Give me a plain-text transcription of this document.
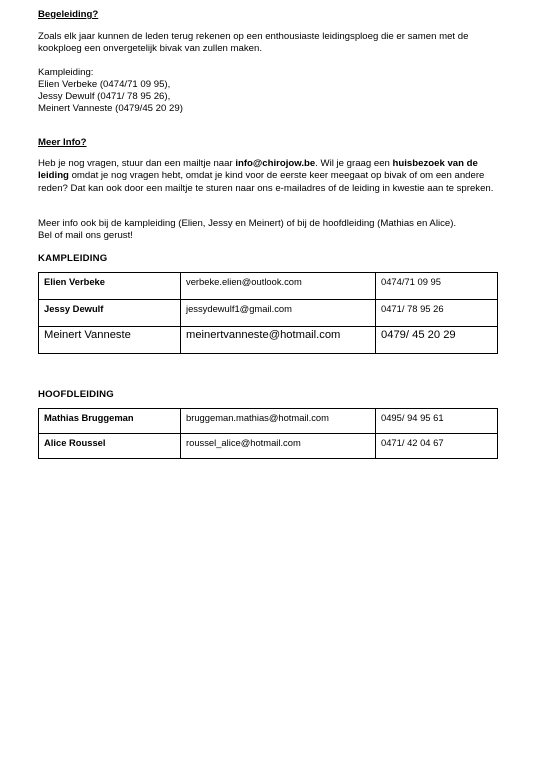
Begeleiding?
Zoals elk jaar kunnen de leden terug rekenen op een enthousiaste leidingsploeg die er samen met de
kookploeg een onvergetelijk bivak van zullen maken.
Kampleiding:
Elien Verbeke (0474/71 09 95),
Jessy Dewulf (0471/ 78 95 26),
Meinert Vanneste (0479/45 20 29)
Meer Info?
Heb je nog vragen, stuur dan een mailtje naar info@chirojow.be. Wil je graag een huisbezoek van de leiding omdat je nog vragen hebt, omdat je kind voor de eerste keer meegaat op bivak of om een andere reden? Dat kan ook door een mailtje te sturen naar ons e-mailadres of de leiding in kwestie aan te spreken.
Meer info ook bij de kampleiding (Elien, Jessy en Meinert) of bij de hoofdleiding (Mathias en Alice).
Bel of mail ons gerust!
KAMPLEIDING
Elien Verbeke	verbeke.elien@outlook.com	0474/71 09 95
Jessy Dewulf	jessydewulf1@gmail.com	0471/ 78 95 26
Meinert Vanneste	meinertvanneste@hotmail.com	0479/ 45 20 29
HOOFDLEIDING
Mathias Bruggeman	bruggeman.mathias@hotmail.com	0495/ 94 95 61
Alice Roussel	roussel_alice@hotmail.com	0471/ 42 04 67
